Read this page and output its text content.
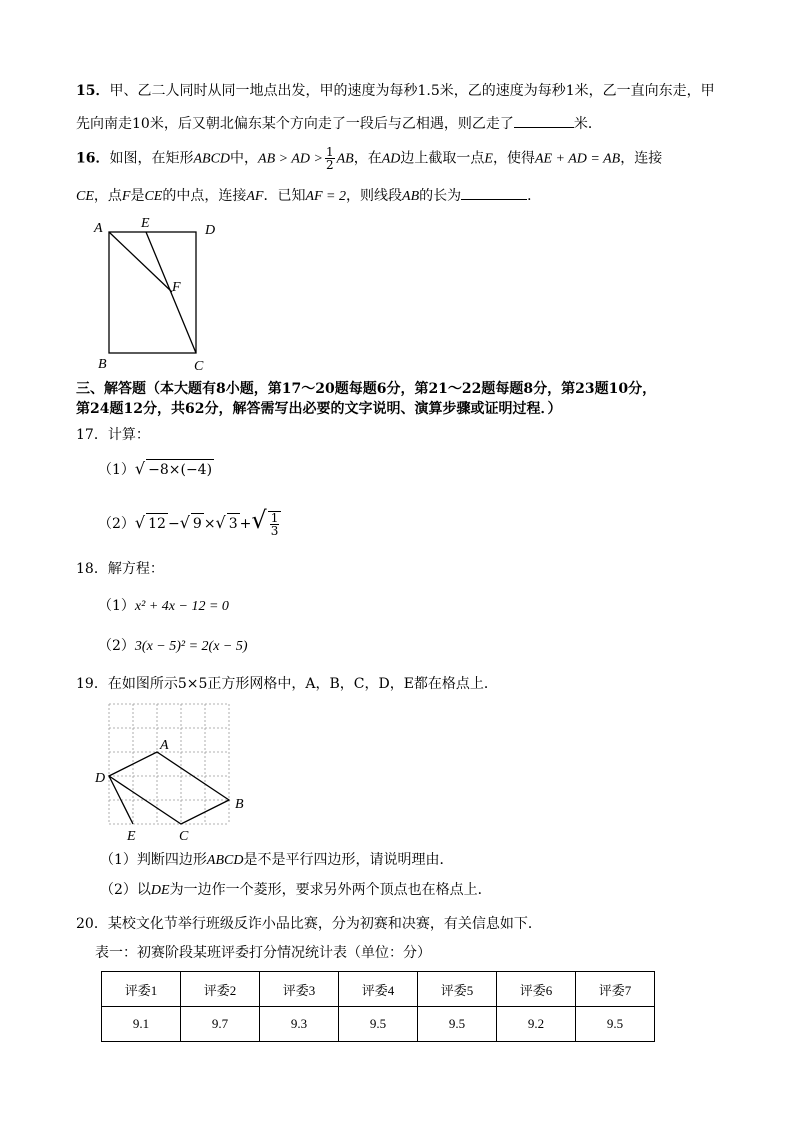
15．甲、乙二人同时从同一地点出发，甲的速度为每秒1.5米，乙的速度为每秒1米，乙一直向东走，甲
先向南走10米，后又朝北偏东某个方向走了一段后与乙相遇，则乙走了	米．
16．如图，在矩形ABCD中，AB > AD > $\frac{1}{2}$ AB，在AD边上截取一点E，使得AE + AD = AB，连接
CE，点F是CE的中点，连接AF．已知AF = 2，则线段AB的长为	．
A	E	D
F
B	C
三、解答题（本大题有8小题，第17～20题每题6分，第21～22题每题8分，第23题10分，
第24题12分，共62分，解答需写出必要的文字说明、演算步骤或证明过程．）
17．计算：
（1）√ −8×(−4)
（2）√ 12 −√ 9 ×√ 3 +√ $\frac{1}{3}$
18．解方程：
（1）x² + 4x − 12 = 0
（2）3(x − 5)² = 2(x − 5)
19．在如图所示5×5正方形网格中，A，B，C，D，E都在格点上．
A
B
C
D
E
（1）判断四边形ABCD是不是平行四边形，请说明理由．
（2）以DE为一边作一个菱形，要求另外两个顶点也在格点上．
20．某校文化节举行班级反诈小品比赛，分为初赛和决赛，有关信息如下．
表一：初赛阶段某班评委打分情况统计表（单位：分）
评委1	评委2	评委3	评委4	评委5	评委6	评委7
9.1	9.7	9.3	9.5	9.5	9.2	9.5
